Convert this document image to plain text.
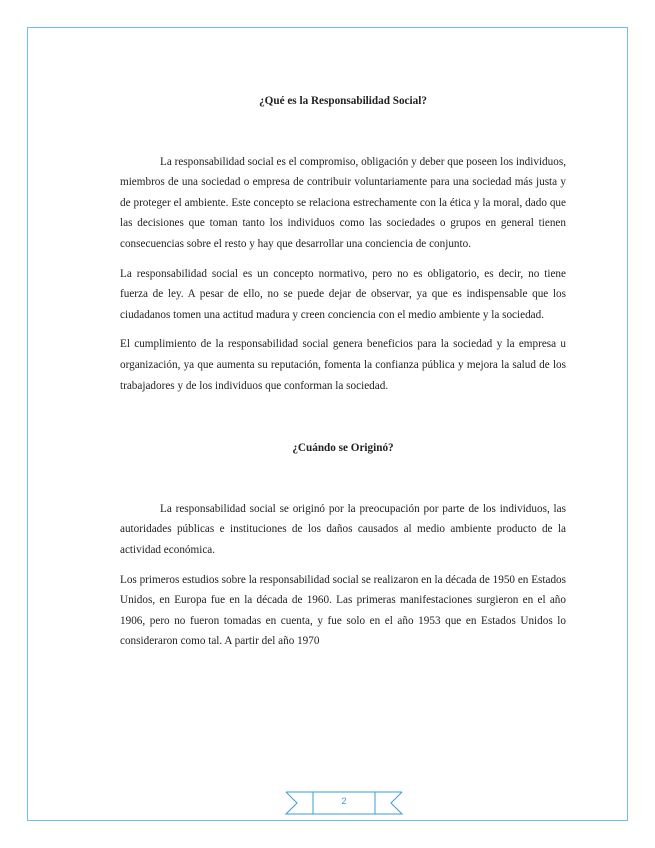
¿Qué es la Responsabilidad Social?

La responsabilidad social es el compromiso, obligación y deber que poseen los individuos, miembros de una sociedad o empresa de contribuir voluntariamente para una sociedad más justa y de proteger el ambiente. Este concepto se relaciona estrechamente con la ética y la moral, dado que las decisiones que toman tanto los individuos como las sociedades o grupos en general tienen consecuencias sobre el resto y hay que desarrollar una conciencia de conjunto.

La responsabilidad social es un concepto normativo, pero no es obligatorio, es decir, no tiene fuerza de ley. A pesar de ello, no se puede dejar de observar, ya que es indispensable que los ciudadanos tomen una actitud madura y creen conciencia con el medio ambiente y la sociedad.

El cumplimiento de la responsabilidad social genera beneficios para la sociedad y la empresa u organización, ya que aumenta su reputación, fomenta la confianza pública y mejora la salud de los trabajadores y de los individuos que conforman la sociedad.

¿Cuándo se Originó?

La responsabilidad social se originó por la preocupación por parte de los individuos, las autoridades públicas e instituciones de los daños causados al medio ambiente producto de la actividad económica.

Los primeros estudios sobre la responsabilidad social se realizaron en la década de 1950 en Estados Unidos, en Europa fue en la década de 1960. Las primeras manifestaciones surgieron en el año 1906, pero no fueron tomadas en cuenta, y fue solo en el año 1953 que en Estados Unidos lo consideraron como tal. A partir del año 1970

2
